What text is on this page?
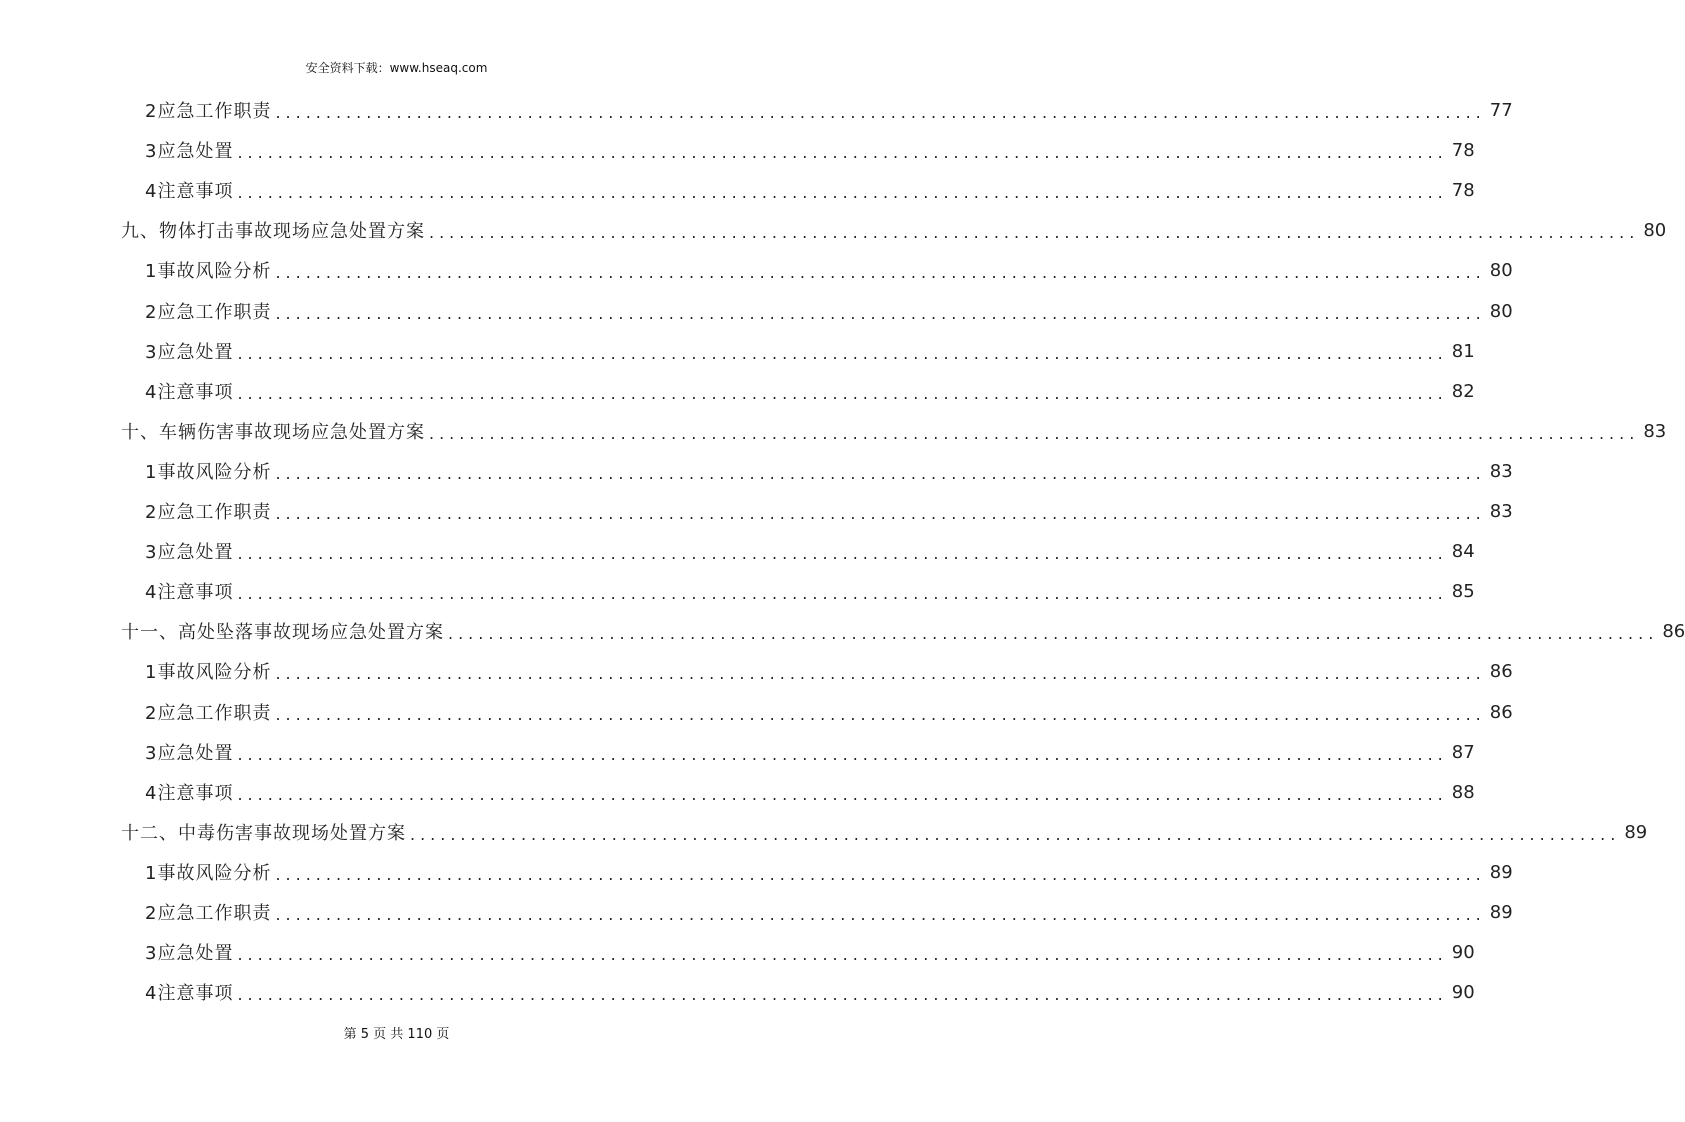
安全资料下载：www.hseaq.com
2应急工作职责 ........................................................................................................................ 77
3应急处置 ........................................................................................................................ 78
4注意事项 ........................................................................................................................ 78
九、物体打击事故现场应急处置方案 ........................................................................................................................ 80
1事故风险分析 ........................................................................................................................ 80
2应急工作职责 ........................................................................................................................ 80
3应急处置 ........................................................................................................................ 81
4注意事项 ........................................................................................................................ 82
十、车辆伤害事故现场应急处置方案 ........................................................................................................................ 83
1事故风险分析 ........................................................................................................................ 83
2应急工作职责 ........................................................................................................................ 83
3应急处置 ........................................................................................................................ 84
4注意事项 ........................................................................................................................ 85
十一、高处坠落事故现场应急处置方案 ........................................................................................................................ 86
1事故风险分析 ........................................................................................................................ 86
2应急工作职责 ........................................................................................................................ 86
3应急处置 ........................................................................................................................ 87
4注意事项 ........................................................................................................................ 88
十二、中毒伤害事故现场处置方案 ........................................................................................................................ 89
1事故风险分析 ........................................................................................................................ 89
2应急工作职责 ........................................................................................................................ 89
3应急处置 ........................................................................................................................ 90
4注意事项 ........................................................................................................................ 90
第 5 页 共 110 页
